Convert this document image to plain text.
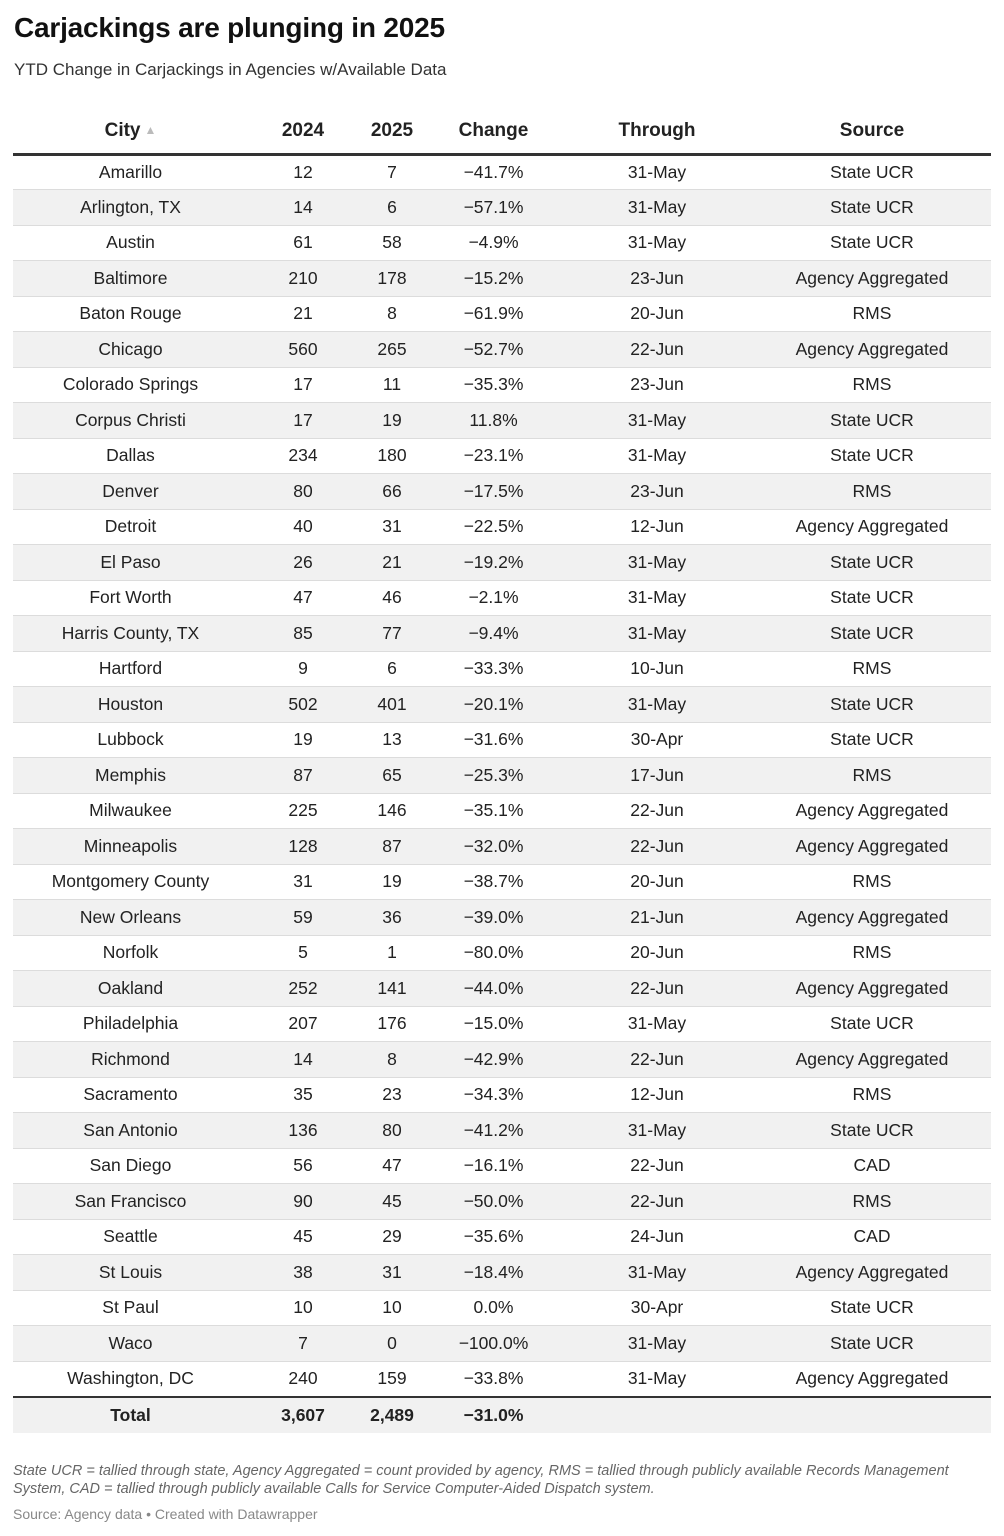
Carjackings are plunging in 2025
YTD Change in Carjackings in Agencies w/Available Data
City ▲	2024	2025	Change	Through	Source
Amarillo	12	7	−41.7%	31-May	State UCR
Arlington, TX	14	6	−57.1%	31-May	State UCR
Austin	61	58	−4.9%	31-May	State UCR
Baltimore	210	178	−15.2%	23-Jun	Agency Aggregated
Baton Rouge	21	8	−61.9%	20-Jun	RMS
Chicago	560	265	−52.7%	22-Jun	Agency Aggregated
Colorado Springs	17	11	−35.3%	23-Jun	RMS
Corpus Christi	17	19	11.8%	31-May	State UCR
Dallas	234	180	−23.1%	31-May	State UCR
Denver	80	66	−17.5%	23-Jun	RMS
Detroit	40	31	−22.5%	12-Jun	Agency Aggregated
El Paso	26	21	−19.2%	31-May	State UCR
Fort Worth	47	46	−2.1%	31-May	State UCR
Harris County, TX	85	77	−9.4%	31-May	State UCR
Hartford	9	6	−33.3%	10-Jun	RMS
Houston	502	401	−20.1%	31-May	State UCR
Lubbock	19	13	−31.6%	30-Apr	State UCR
Memphis	87	65	−25.3%	17-Jun	RMS
Milwaukee	225	146	−35.1%	22-Jun	Agency Aggregated
Minneapolis	128	87	−32.0%	22-Jun	Agency Aggregated
Montgomery County	31	19	−38.7%	20-Jun	RMS
New Orleans	59	36	−39.0%	21-Jun	Agency Aggregated
Norfolk	5	1	−80.0%	20-Jun	RMS
Oakland	252	141	−44.0%	22-Jun	Agency Aggregated
Philadelphia	207	176	−15.0%	31-May	State UCR
Richmond	14	8	−42.9%	22-Jun	Agency Aggregated
Sacramento	35	23	−34.3%	12-Jun	RMS
San Antonio	136	80	−41.2%	31-May	State UCR
San Diego	56	47	−16.1%	22-Jun	CAD
San Francisco	90	45	−50.0%	22-Jun	RMS
Seattle	45	29	−35.6%	24-Jun	CAD
St Louis	38	31	−18.4%	31-May	Agency Aggregated
St Paul	10	10	0.0%	30-Apr	State UCR
Waco	7	0	−100.0%	31-May	State UCR
Washington, DC	240	159	−33.8%	31-May	Agency Aggregated
Total	3,607	2,489	−31.0%		
State UCR = tallied through state, Agency Aggregated = count provided by agency, RMS = tallied through publicly available Records Management System, CAD = tallied through publicly available Calls for Service Computer-Aided Dispatch system.
Source: Agency data • Created with Datawrapper
